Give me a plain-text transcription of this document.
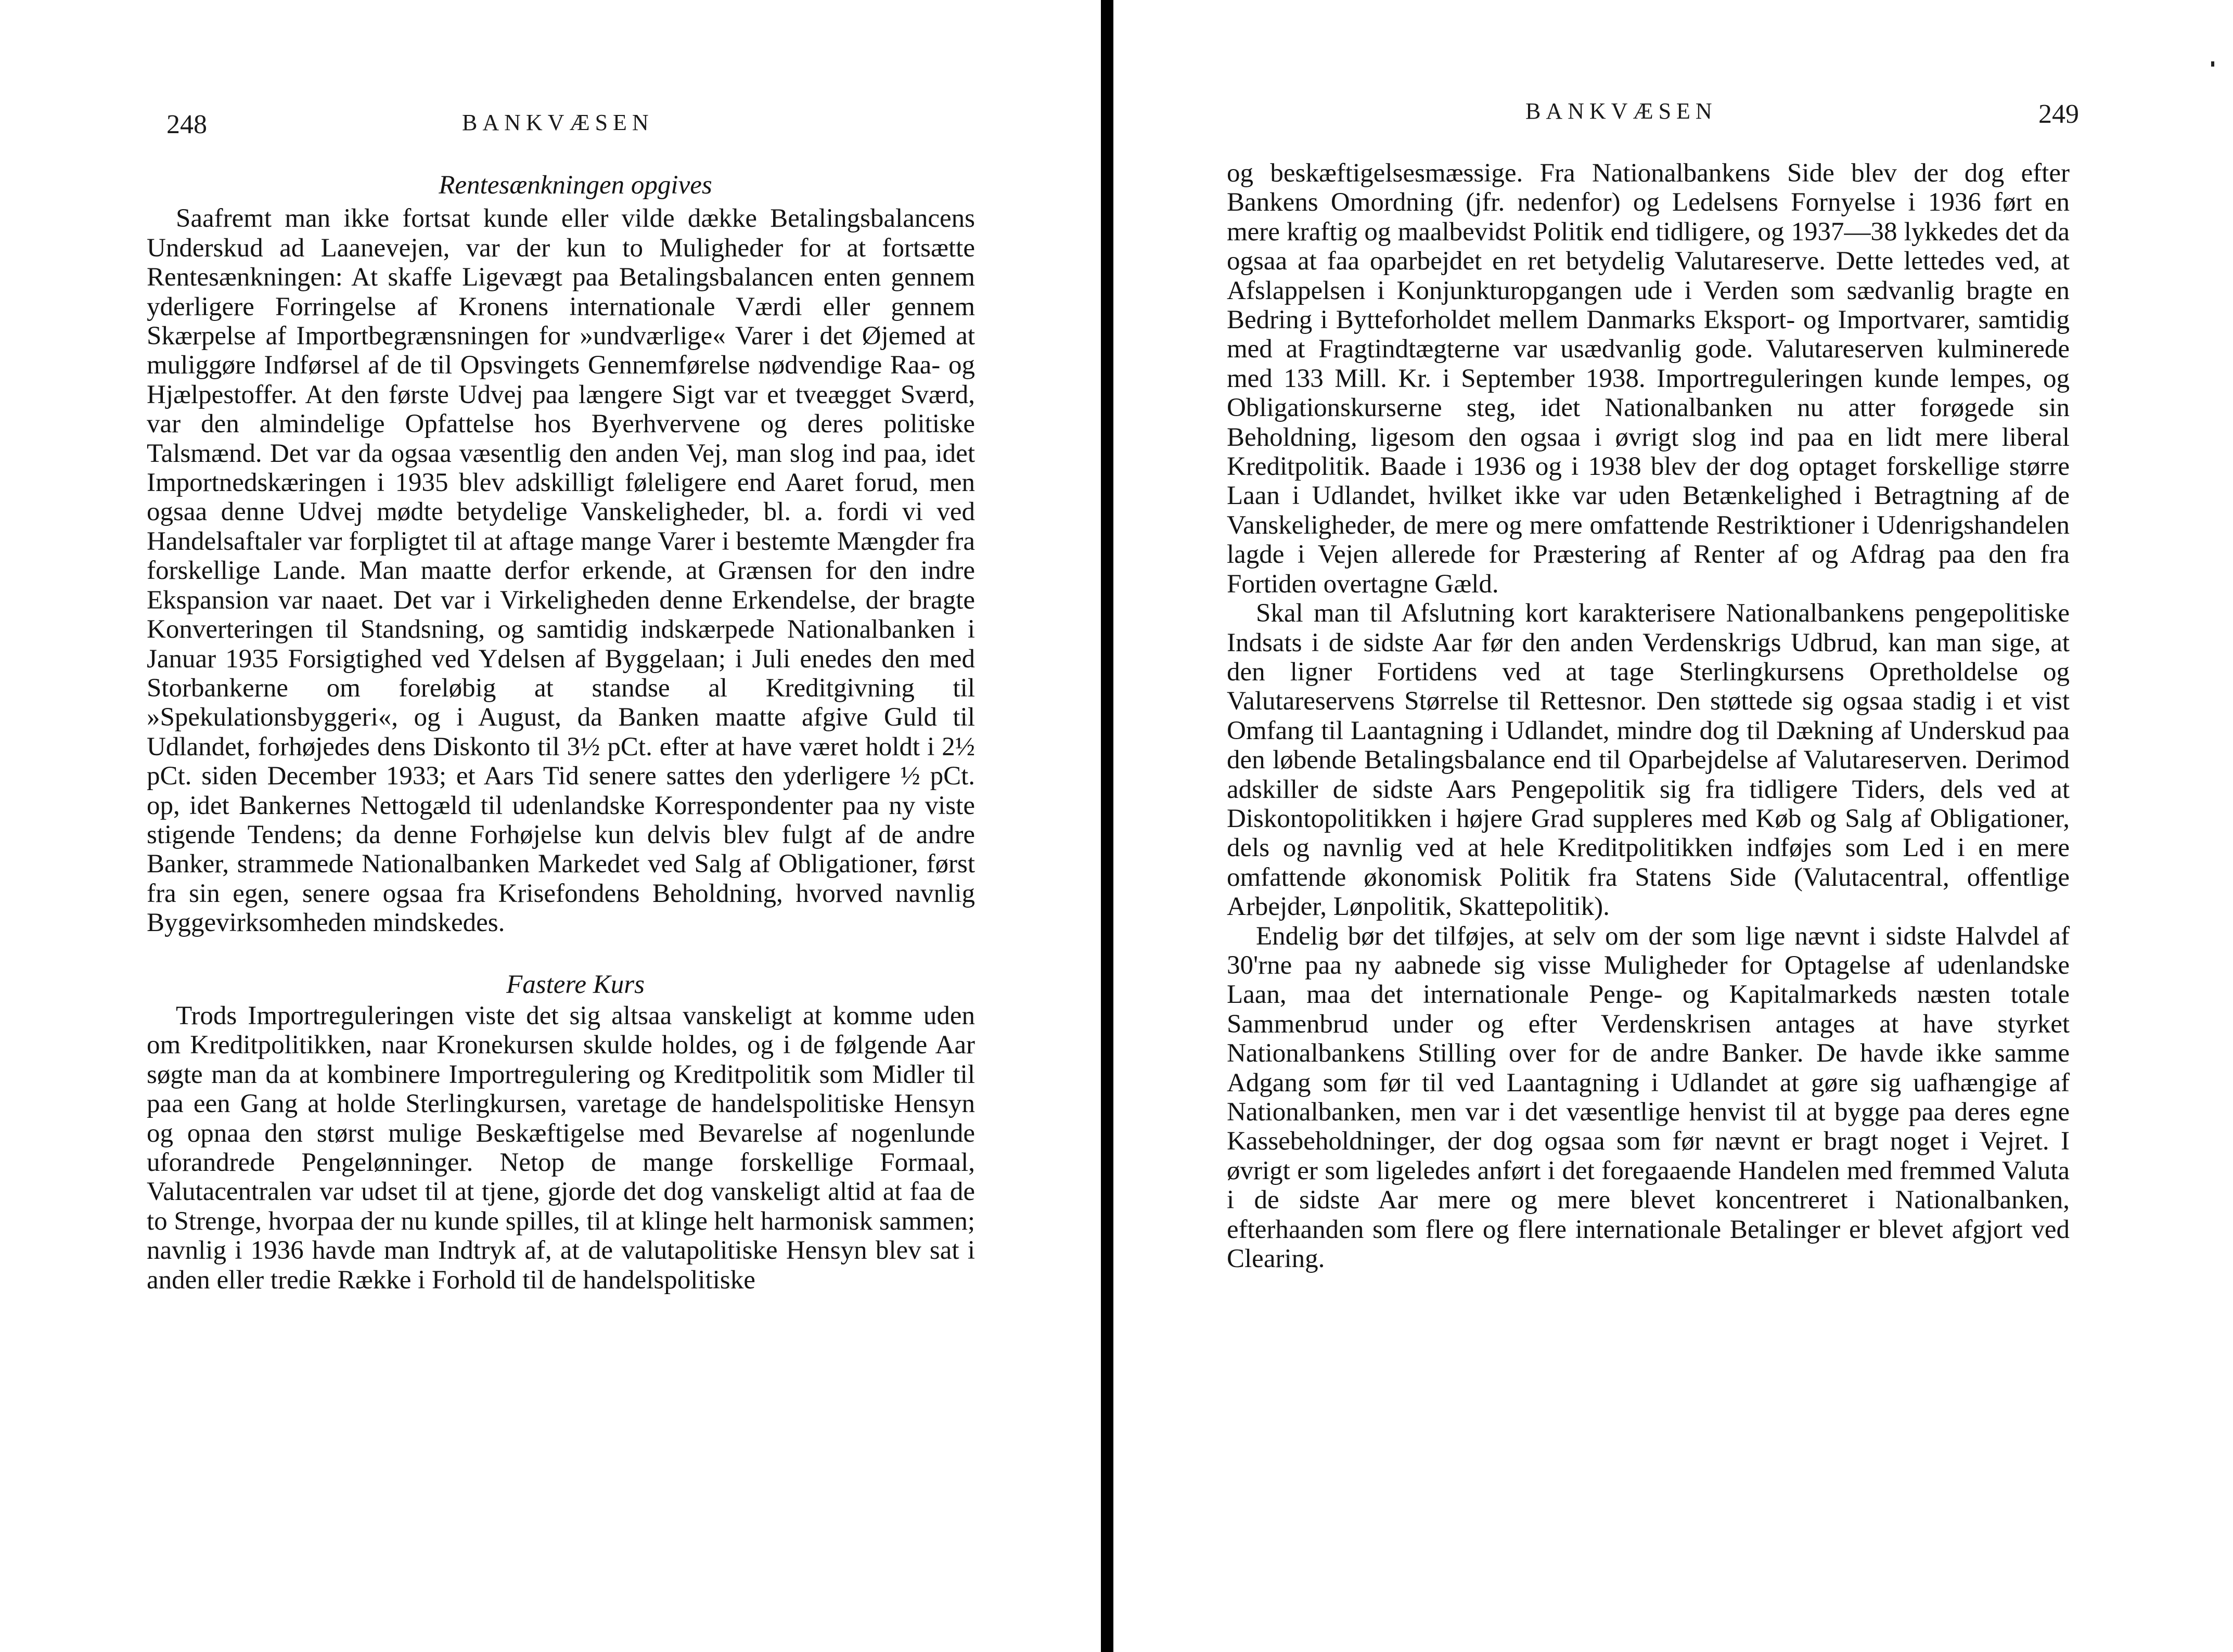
248	BANKVÆSEN

Rentesænkningen opgives

Saafremt man ikke fortsat kunde eller vilde dække Betalingsbalancens Underskud ad Laanevejen, var der kun to Muligheder for at fortsætte Rentesænkningen: At skaffe Ligevægt paa Betalingsbalancen enten gennem yderligere Forringelse af Kronens internationale Værdi eller gennem Skærpelse af Importbegrænsningen for »undværlige« Varer i det Øjemed at muliggøre Indførsel af de til Opsvingets Gennemførelse nødvendige Raa- og Hjælpestoffer. At den første Udvej paa længere Sigt var et tveægget Sværd, var den almindelige Opfattelse hos Byerhvervene og deres politiske Talsmænd. Det var da ogsaa væsentlig den anden Vej, man slog ind paa, idet Importnedskæringen i 1935 blev adskilligt føleligere end Aaret forud, men ogsaa denne Udvej mødte betydelige Vanskeligheder, bl. a. fordi vi ved Handelsaftaler var forpligtet til at aftage mange Varer i bestemte Mængder fra forskellige Lande. Man maatte derfor erkende, at Grænsen for den indre Ekspansion var naaet. Det var i Virkeligheden denne Erkendelse, der bragte Konverteringen til Standsning, og samtidig indskærpede Nationalbanken i Januar 1935 Forsigtighed ved Ydelsen af Byggelaan; i Juli enedes den med Storbankerne om foreløbig at standse al Kreditgivning til »Spekulationsbyggeri«, og i August, da Banken maatte afgive Guld til Udlandet, forhøjedes dens Diskonto til 3½ pCt. efter at have været holdt i 2½ pCt. siden December 1933; et Aars Tid senere sattes den yderligere ½ pCt. op, idet Bankernes Nettogæld til udenlandske Korrespondenter paa ny viste stigende Tendens; da denne Forhøjelse kun delvis blev fulgt af de andre Banker, strammede Nationalbanken Markedet ved Salg af Obligationer, først fra sin egen, senere ogsaa fra Krisefondens Beholdning, hvorved navnlig Byggevirksomheden mindskedes.

Fastere Kurs

Trods Importreguleringen viste det sig altsaa vanskeligt at komme uden om Kreditpolitikken, naar Kronekursen skulde holdes, og i de følgende Aar søgte man da at kombinere Importregulering og Kreditpolitik som Midler til paa een Gang at holde Sterlingkursen, varetage de handelspolitiske Hensyn og opnaa den størst mulige Beskæftigelse med Bevarelse af nogenlunde uforandrede Pengelønninger. Netop de mange forskellige Formaal, Valutacentralen var udset til at tjene, gjorde det dog vanskeligt altid at faa de to Strenge, hvorpaa der nu kunde spilles, til at klinge helt harmonisk sammen; navnlig i 1936 havde man Indtryk af, at de valutapolitiske Hensyn blev sat i anden eller tredie Række i Forhold til de handelspolitiske

BANKVÆSEN	249

og beskæftigelsesmæssige. Fra Nationalbankens Side blev der dog efter Bankens Omordning (jfr. nedenfor) og Ledelsens Fornyelse i 1936 ført en mere kraftig og maalbevidst Politik end tidligere, og 1937—38 lykkedes det da ogsaa at faa oparbejdet en ret betydelig Valutareserve. Dette lettedes ved, at Afslappelsen i Konjunkturopgangen ude i Verden som sædvanlig bragte en Bedring i Bytteforholdet mellem Danmarks Eksport- og Importvarer, samtidig med at Fragtindtægterne var usædvanlig gode. Valutareserven kulminerede med 133 Mill. Kr. i September 1938. Importreguleringen kunde lempes, og Obligationskurserne steg, idet Nationalbanken nu atter forøgede sin Beholdning, ligesom den ogsaa i øvrigt slog ind paa en lidt mere liberal Kreditpolitik. Baade i 1936 og i 1938 blev der dog optaget forskellige større Laan i Udlandet, hvilket ikke var uden Betænkelighed i Betragtning af de Vanskeligheder, de mere og mere omfattende Restriktioner i Udenrigshandelen lagde i Vejen allerede for Præstering af Renter af og Afdrag paa den fra Fortiden overtagne Gæld.

Skal man til Afslutning kort karakterisere Nationalbankens pengepolitiske Indsats i de sidste Aar før den anden Verdenskrigs Udbrud, kan man sige, at den ligner Fortidens ved at tage Sterlingkursens Opretholdelse og Valutareservens Størrelse til Rettesnor. Den støttede sig ogsaa stadig i et vist Omfang til Laantagning i Udlandet, mindre dog til Dækning af Underskud paa den løbende Betalingsbalance end til Oparbejdelse af Valutareserven. Derimod adskiller de sidste Aars Pengepolitik sig fra tidligere Tiders, dels ved at Diskontopolitikken i højere Grad suppleres med Køb og Salg af Obligationer, dels og navnlig ved at hele Kreditpolitikken indføjes som Led i en mere omfattende økonomisk Politik fra Statens Side (Valutacentral, offentlige Arbejder, Lønpolitik, Skattepolitik).

Endelig bør det tilføjes, at selv om der som lige nævnt i sidste Halvdel af 30'rne paa ny aabnede sig visse Muligheder for Optagelse af udenlandske Laan, maa det internationale Penge- og Kapitalmarkeds næsten totale Sammenbrud under og efter Verdenskrisen antages at have styrket Nationalbankens Stilling over for de andre Banker. De havde ikke samme Adgang som før til ved Laantagning i Udlandet at gøre sig uafhængige af Nationalbanken, men var i det væsentlige henvist til at bygge paa deres egne Kassebeholdninger, der dog ogsaa som før nævnt er bragt noget i Vejret. I øvrigt er som ligeledes anført i det foregaaende Handelen med fremmed Valuta i de sidste Aar mere og mere blevet koncentreret i Nationalbanken, efterhaanden som flere og flere internationale Betalinger er blevet afgjort ved Clearing.
